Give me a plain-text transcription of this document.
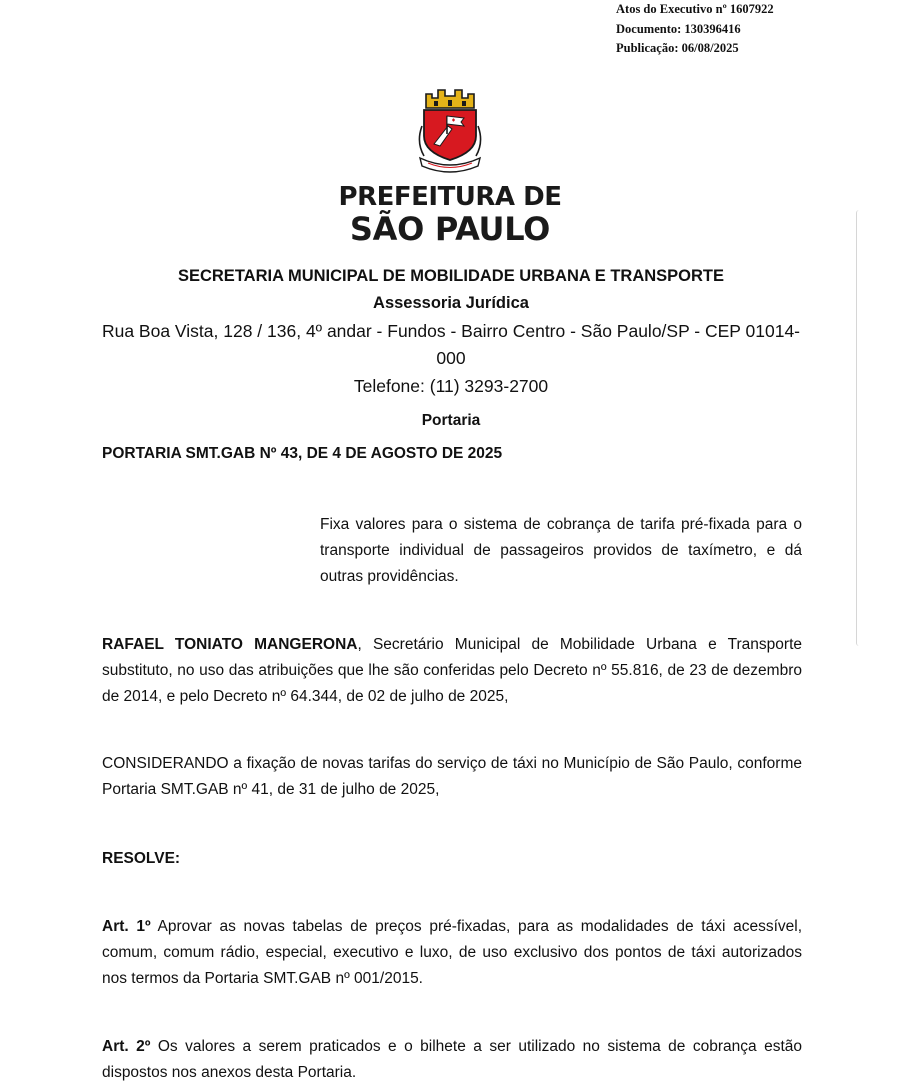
Atos do Executivo nº 1607922
Documento: 130396416
Publicação: 06/08/2025
PREFEITURA DE
SÃO PAULO
SECRETARIA MUNICIPAL DE MOBILIDADE URBANA E TRANSPORTE
Assessoria Jurídica
Rua Boa Vista, 128 / 136, 4º andar - Fundos - Bairro Centro - São Paulo/SP - CEP 01014-000
Telefone: (11) 3293-2700
Portaria
PORTARIA SMT.GAB Nº 43, DE 4 DE AGOSTO DE 2025
Fixa valores para o sistema de cobrança de tarifa pré-fixada para o transporte individual de passageiros providos de taxímetro, e dá outras providências.
RAFAEL TONIATO MANGERONA, Secretário Municipal de Mobilidade Urbana e Transporte substituto, no uso das atribuições que lhe são conferidas pelo Decreto nº 55.816, de 23 de dezembro de 2014, e pelo Decreto nº 64.344, de 02 de julho de 2025,
CONSIDERANDO a fixação de novas tarifas do serviço de táxi no Município de São Paulo, conforme Portaria SMT.GAB nº 41, de 31 de julho de 2025,
RESOLVE:
Art. 1º Aprovar as novas tabelas de preços pré-fixadas, para as modalidades de táxi acessível, comum, comum rádio, especial, executivo e luxo, de uso exclusivo dos pontos de táxi autorizados nos termos da Portaria SMT.GAB nº 001/2015.
Art. 2º Os valores a serem praticados e o bilhete a ser utilizado no sistema de cobrança estão dispostos nos anexos desta Portaria.
